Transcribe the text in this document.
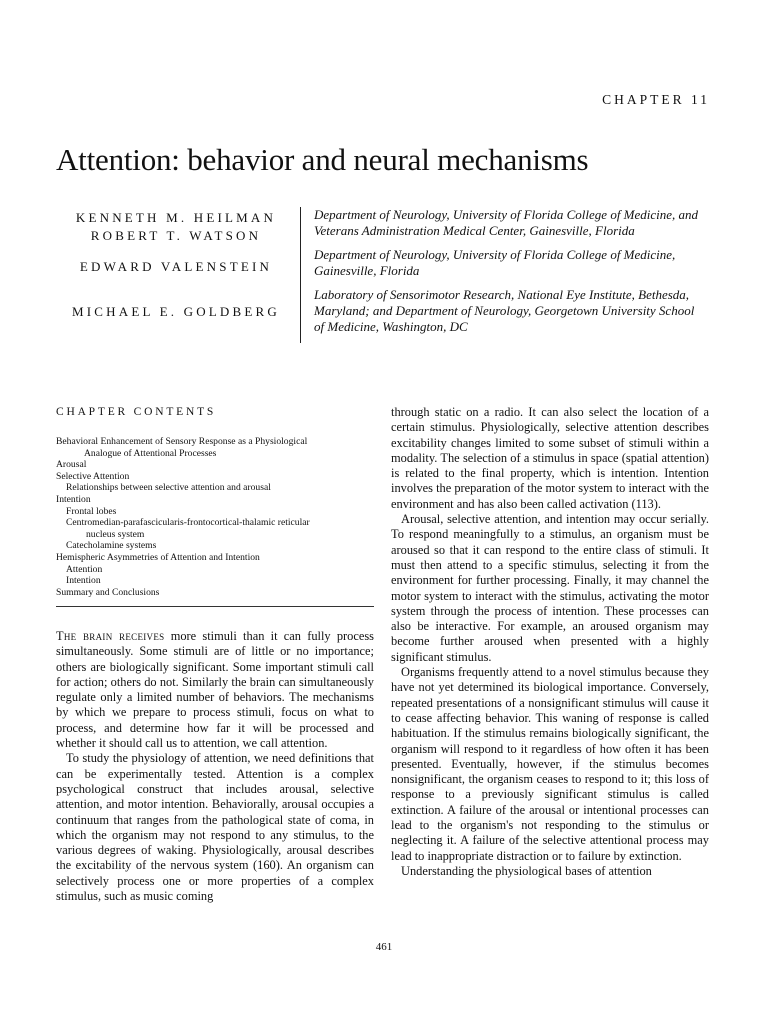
CHAPTER 11
Attention: behavior and neural mechanisms
KENNETH M. HEILMAN
ROBERT T. WATSON
Department of Neurology, University of Florida College of Medicine, and Veterans Administration Medical Center, Gainesville, Florida
EDWARD VALENSTEIN
Department of Neurology, University of Florida College of Medicine, Gainesville, Florida
MICHAEL E. GOLDBERG
Laboratory of Sensorimotor Research, National Eye Institute, Bethesda, Maryland; and Department of Neurology, Georgetown University School of Medicine, Washington, DC
CHAPTER CONTENTS
Behavioral Enhancement of Sensory Response as a Physiological
Analogue of Attentional Processes
Arousal
Selective Attention
Relationships between selective attention and arousal
Intention
Frontal lobes
Centromedian-parafascicularis-frontocortical-thalamic reticular
nucleus system
Catecholamine systems
Hemispheric Asymmetries of Attention and Intention
Attention
Intention
Summary and Conclusions

The brain receives more stimuli than it can fully process simultaneously. Some stimuli are of little or no importance; others are biologically significant. Some important stimuli call for action; others do not. Similarly the brain can simultaneously regulate only a limited number of behaviors. The mechanisms by which we prepare to process stimuli, focus on what to process, and determine how far it will be processed and whether it should call us to attention, we call attention.

To study the physiology of attention, we need definitions that can be experimentally tested. Attention is a complex psychological construct that includes arousal, selective attention, and motor intention. Behaviorally, arousal occupies a continuum that ranges from the pathological state of coma, in which the organism may not respond to any stimulus, to the various degrees of waking. Physiologically, arousal describes the excitability of the nervous system (160). An organism can selectively process one or more properties of a complex stimulus, such as music coming

through static on a radio. It can also select the location of a certain stimulus. Physiologically, selective attention describes excitability changes limited to some subset of stimuli within a modality. The selection of a stimulus in space (spatial attention) is related to the final property, which is intention. Intention involves the preparation of the motor system to interact with the environment and has also been called activation (113).

Arousal, selective attention, and intention may occur serially. To respond meaningfully to a stimulus, an organism must be aroused so that it can respond to the entire class of stimuli. It must then attend to a specific stimulus, selecting it from the environment for further processing. Finally, it may channel the motor system to interact with the stimulus, activating the motor system through the process of intention. These processes can also be interactive. For example, an aroused organism may become further aroused when presented with a highly significant stimulus.

Organisms frequently attend to a novel stimulus because they have not yet determined its biological importance. Conversely, repeated presentations of a nonsignificant stimulus will cause it to cease affecting behavior. This waning of response is called habituation. If the stimulus remains biologically significant, the organism will respond to it regardless of how often it has been presented. Eventually, however, if the stimulus becomes nonsignificant, the organism ceases to respond to it; this loss of response to a previously significant stimulus is called extinction. A failure of the arousal or intentional processes can lead to the organism's not responding to the stimulus or neglecting it. A failure of the selective attentional process may lead to inappropriate distraction or to failure by extinction.

Understanding the physiological bases of attention

461
